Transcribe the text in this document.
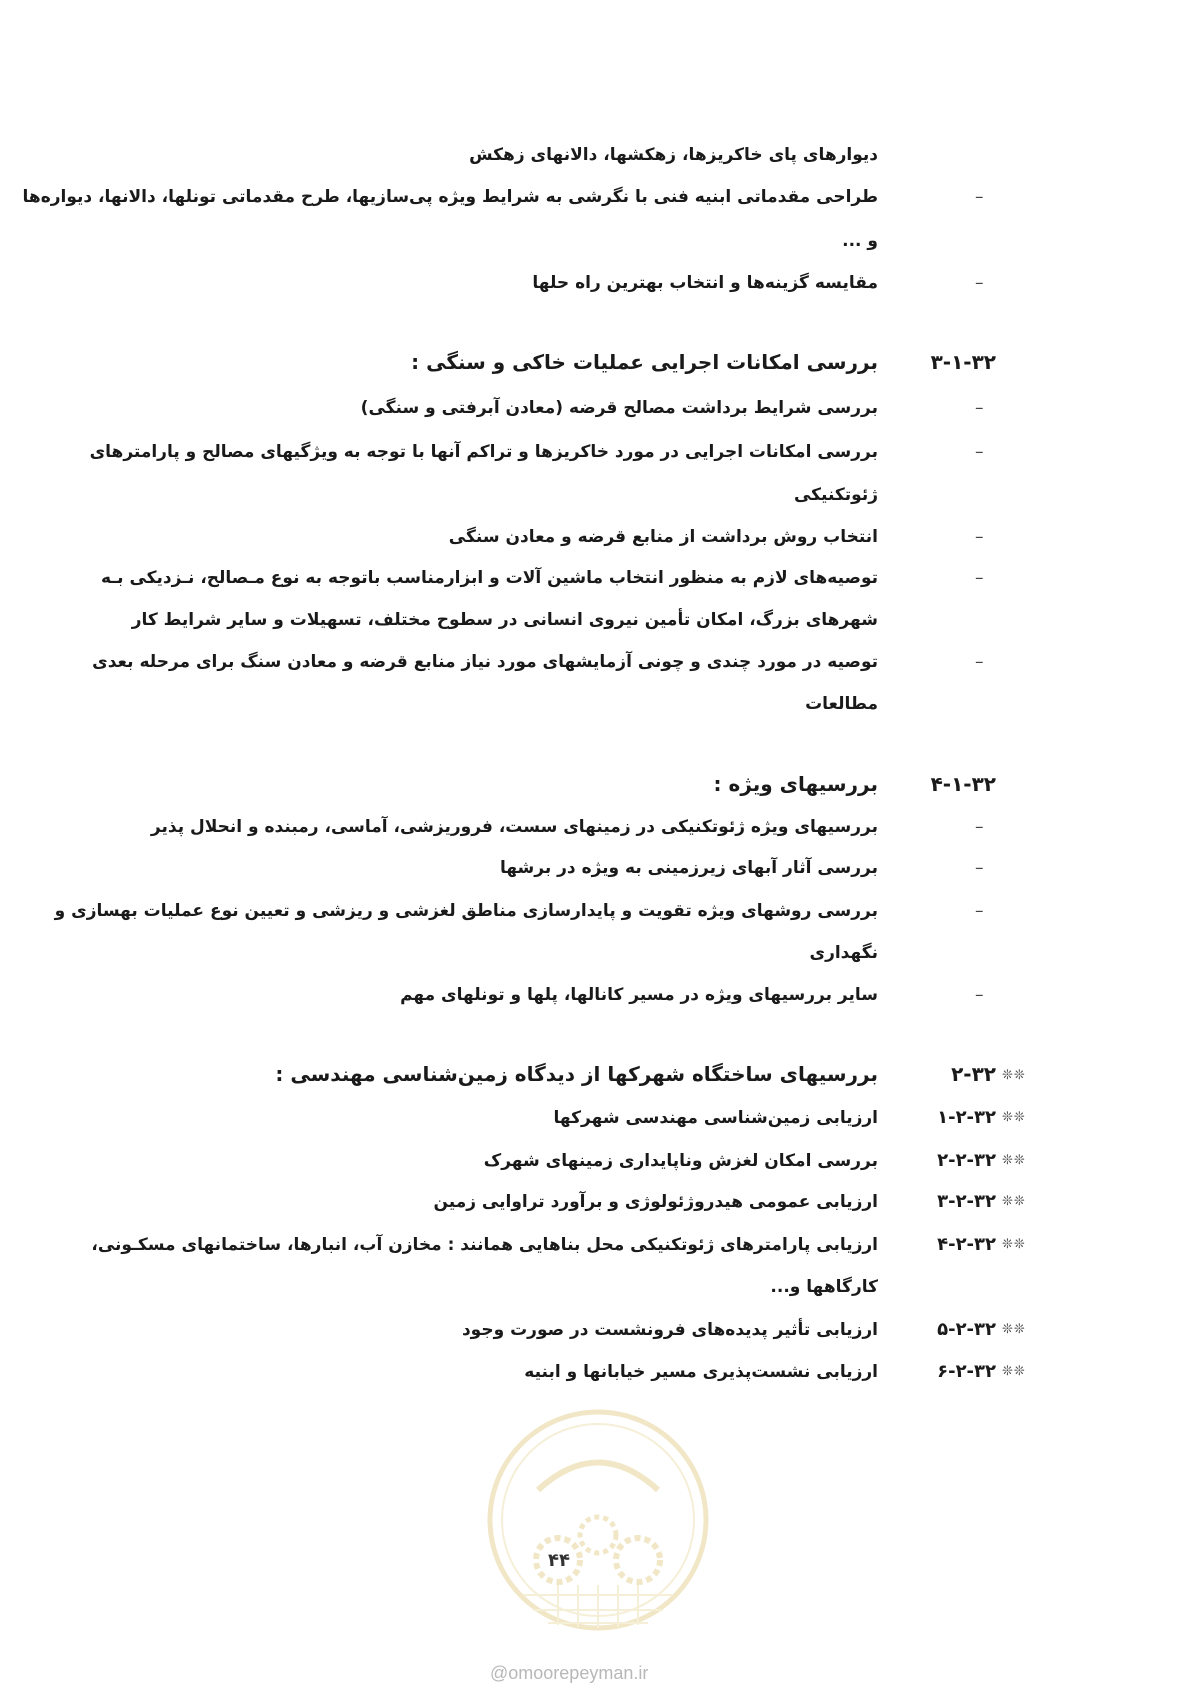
دیوارهای پای خاکریزها، زهکشها، دالانهای زهکش
–
طراحی مقدماتی ابنیه فنی با نگرشی به شرایط ویژه پی‌سازیها، طرح مقدماتی تونلها، دالانها، دیواره‌ها
و ...
–
مقایسه گزینه‌ها و انتخاب بهترین راه حلها
۳-۱-۳۲
بررسی امکانات اجرایی عملیات خاکی و سنگی :
–
بررسی شرایط برداشت مصالح قرضه (معادن آبرفتی و سنگی)
–
بررسی امکانات اجرایی در مورد خاکریزها و تراکم آنها با توجه به ویژگیهای مصالح و پارامترهای
ژئوتکنیکی
–
انتخاب روش برداشت از منابع قرضه و معادن سنگی
–
توصیه‌های لازم به منظور انتخاب ماشین آلات و ابزارمناسب باتوجه به نوع مـصالح، نـزدیکی بـه
شهرهای بزرگ، امکان تأمین نیروی انسانی در سطوح مختلف، تسهیلات و سایر شرایط کار
–
توصیه در مورد چندی و چونی آزمایشهای مورد نیاز منابع قرضه و معادن سنگ برای مرحله بعدی
مطالعات
۴-۱-۳۲
بررسیهای ویژه :
–
بررسیهای ویژه ژئوتکنیکی در زمینهای سست، فروریزشی، آماسی، رمبنده و انحلال پذیر
–
بررسی آثار آبهای زیرزمینی به ویژه در برشها
–
بررسی روشهای ویژه تقویت و پایدارسازی مناطق لغزشی و ریزشی و تعیین نوع عملیات بهسازی و
نگهداری
–
سایر بررسیهای ویژه در مسیر کانالها، پلها و تونلهای مهم
❊❊
۲-۳۲
بررسیهای ساختگاه شهرکها از دیدگاه زمین‌شناسی مهندسی :
❊❊
۱-۲-۳۲
ارزیابی زمین‌شناسی مهندسی شهرکها
❊❊
۲-۲-۳۲
بررسی امکان لغزش وناپایداری زمینهای شهرک
❊❊
۳-۲-۳۲
ارزیابی عمومی هیدروژئولوژی و برآورد تراوایی زمین
❊❊
۴-۲-۳۲
ارزیابی پارامترهای ژئوتکنیکی محل بناهایی همانند : مخازن آب، انبارها، ساختمانهای مسکـونی،
کارگاهها و...
❊❊
۵-۲-۳۲
ارزیابی تأثیر پدیده‌های فرونشست در صورت وجود
❊❊
۶-۲-۳۲
ارزیابی نشست‌پذیری مسیر خیابانها و ابنیه
۴۴
@omoorepeyman.ir
